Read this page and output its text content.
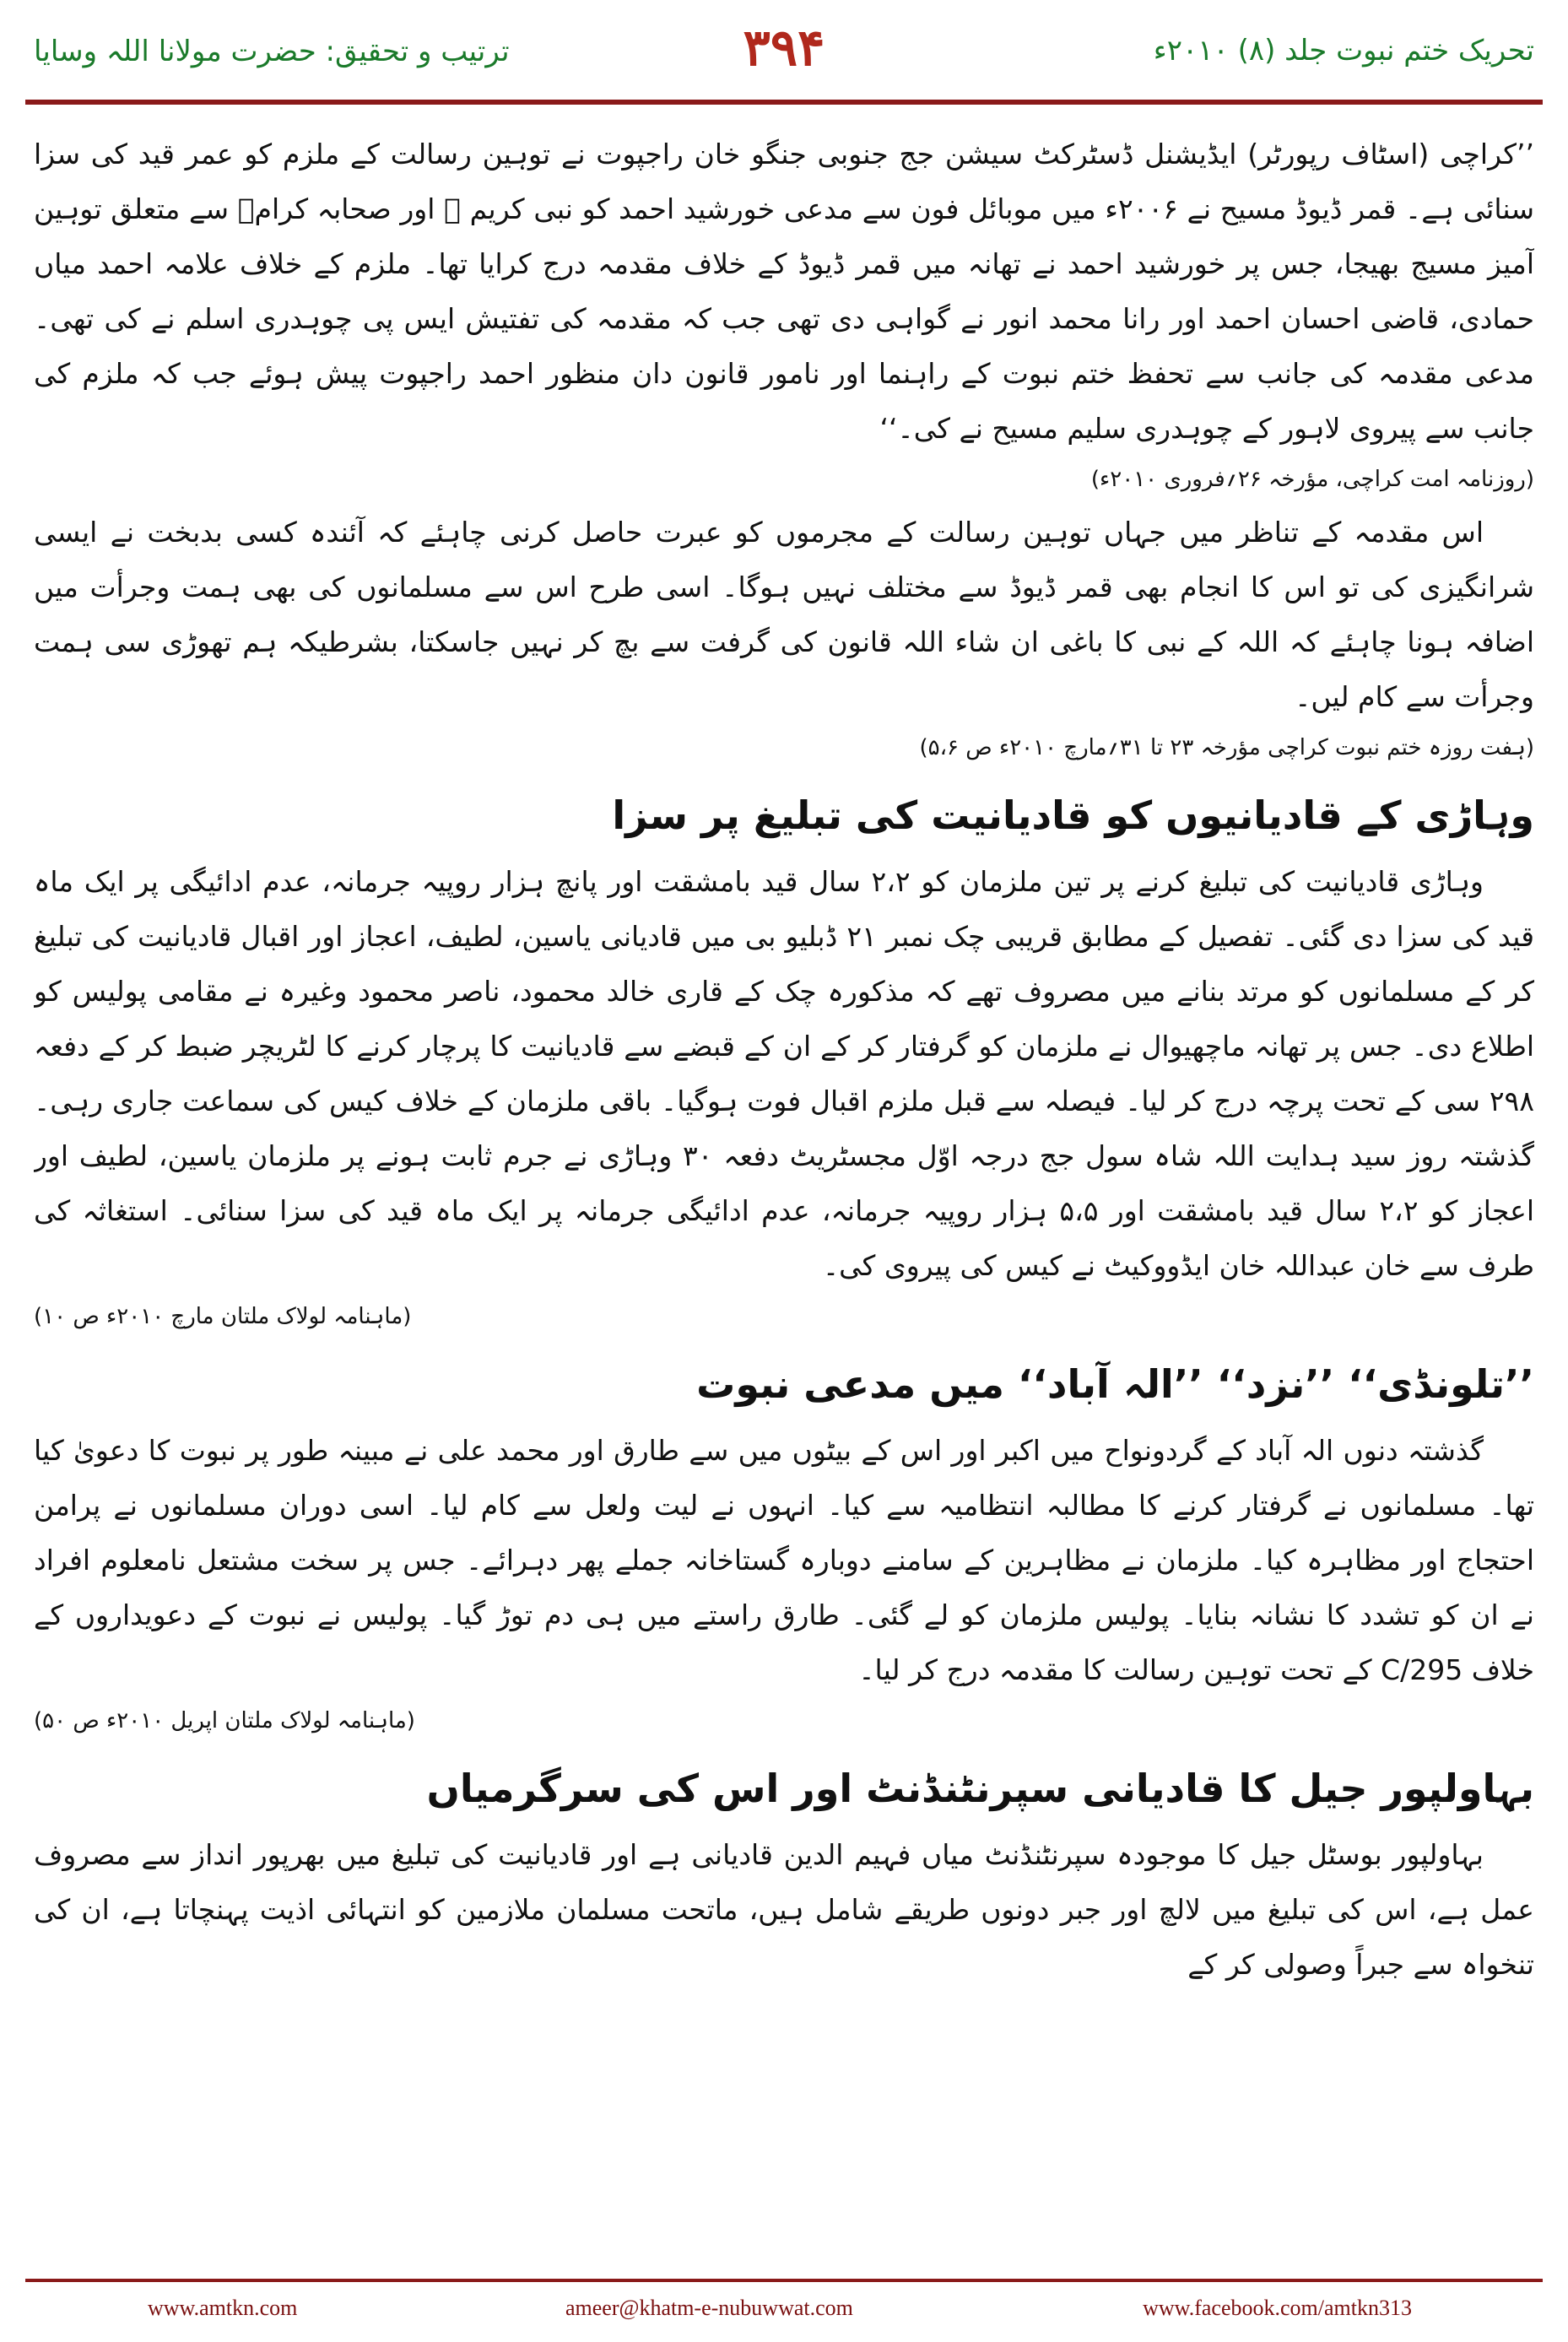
ترتیب و تحقیق: حضرت مولانا اللہ وسایا	۳۹۴	تحریک ختم نبوت جلد (۸) ۲۰۱۰ء

’’کراچی (اسٹاف رپورٹر) ایڈیشنل ڈسٹرکٹ سیشن جج جنوبی جنگو خان راجپوت نے توہین رسالت کے ملزم کو عمر قید کی سزا سنائی ہے۔ قمر ڈیوڈ مسیح نے ۲۰۰۶ء میں موبائل فون سے مدعی خورشید احمد کو نبی کریم ﷺ اور صحابہ کرامؓ سے متعلق توہین آمیز مسیج بھیجا، جس پر خورشید احمد نے تھانہ میں قمر ڈیوڈ کے خلاف مقدمہ درج کرایا تھا۔ ملزم کے خلاف علامہ احمد میاں حمادی، قاضی احسان احمد اور رانا محمد انور نے گواہی دی تھی جب کہ مقدمہ کی تفتیش ایس پی چوہدری اسلم نے کی تھی۔ مدعی مقدمہ کی جانب سے تحفظ ختم نبوت کے راہنما اور نامور قانون دان منظور احمد راجپوت پیش ہوئے جب کہ ملزم کی جانب سے پیروی لاہور کے چوہدری سلیم مسیح نے کی۔‘‘

(روزنامہ امت کراچی، مؤرخہ ۲۶؍فروری ۲۰۱۰ء)

اس مقدمہ کے تناظر میں جہاں توہین رسالت کے مجرموں کو عبرت حاصل کرنی چاہئے کہ آئندہ کسی بدبخت نے ایسی شرانگیزی کی تو اس کا انجام بھی قمر ڈیوڈ سے مختلف نہیں ہوگا۔ اسی طرح اس سے مسلمانوں کی بھی ہمت وجرأت میں اضافہ ہونا چاہئے کہ اللہ کے نبی کا باغی ان شاء اللہ قانون کی گرفت سے بچ کر نہیں جاسکتا، بشرطیکہ ہم تھوڑی سی ہمت وجرأت سے کام لیں۔

(ہفت روزہ ختم نبوت کراچی مؤرخہ ۲۳ تا ۳۱؍مارچ ۲۰۱۰ء ص ۵،۶)
وہاڑی کے قادیانیوں کو قادیانیت کی تبلیغ پر سزا

وہاڑی قادیانیت کی تبلیغ کرنے پر تین ملزمان کو ۲،۲ سال قید بامشقت اور پانچ ہزار روپیہ جرمانہ، عدم ادائیگی پر ایک ماہ قید کی سزا دی گئی۔ تفصیل کے مطابق قریبی چک نمبر ۲۱ ڈبلیو بی میں قادیانی یاسین، لطیف، اعجاز اور اقبال قادیانیت کی تبلیغ کر کے مسلمانوں کو مرتد بنانے میں مصروف تھے کہ مذکورہ چک کے قاری خالد محمود، ناصر محمود وغیرہ نے مقامی پولیس کو اطلاع دی۔ جس پر تھانہ ماچھیوال نے ملزمان کو گرفتار کر کے ان کے قبضے سے قادیانیت کا پرچار کرنے کا لٹریچر ضبط کر کے دفعہ ۲۹۸ سی کے تحت پرچہ درج کر لیا۔ فیصلہ سے قبل ملزم اقبال فوت ہوگیا۔ باقی ملزمان کے خلاف کیس کی سماعت جاری رہی۔ گذشتہ روز سید ہدایت اللہ شاہ سول جج درجہ اوّل مجسٹریٹ دفعہ ۳۰ وہاڑی نے جرم ثابت ہونے پر ملزمان یاسین، لطیف اور اعجاز کو ۲،۲ سال قید بامشقت اور ۵،۵ ہزار روپیہ جرمانہ، عدم ادائیگی جرمانہ پر ایک ماہ قید کی سزا سنائی۔ استغاثہ کی طرف سے خان عبداللہ خان ایڈووکیٹ نے کیس کی پیروی کی۔

(ماہنامہ لولاک ملتان مارچ ۲۰۱۰ء ص ۱۰)
’’تلونڈی‘‘ ’’نزد‘‘ ’’الہ آباد‘‘ میں مدعی نبوت

گذشتہ دنوں الہ آباد کے گردونواح میں اکبر اور اس کے بیٹوں میں سے طارق اور محمد علی نے مبینہ طور پر نبوت کا دعویٰ کیا تھا۔ مسلمانوں نے گرفتار کرنے کا مطالبہ انتظامیہ سے کیا۔ انہوں نے لیت ولعل سے کام لیا۔ اسی دوران مسلمانوں نے پرامن احتجاج اور مظاہرہ کیا۔ ملزمان نے مظاہرین کے سامنے دوبارہ گستاخانہ جملے پھر دہرائے۔ جس پر سخت مشتعل نامعلوم افراد نے ان کو تشدد کا نشانہ بنایا۔ پولیس ملزمان کو لے گئی۔ طارق راستے میں ہی دم توڑ گیا۔ پولیس نے نبوت کے دعویداروں کے خلاف 295/C کے تحت توہین رسالت کا مقدمہ درج کر لیا۔

(ماہنامہ لولاک ملتان اپریل ۲۰۱۰ء ص ۵۰)
بہاولپور جیل کا قادیانی سپرنٹنڈنٹ اور اس کی سرگرمیاں

بہاولپور بوسٹل جیل کا موجودہ سپرنٹنڈنٹ میاں فہیم الدین قادیانی ہے اور قادیانیت کی تبلیغ میں بھرپور انداز سے مصروف عمل ہے، اس کی تبلیغ میں لالچ اور جبر دونوں طریقے شامل ہیں، ماتحت مسلمان ملازمین کو انتہائی اذیت پہنچاتا ہے، ان کی تنخواہ سے جبراً وصولی کر کے

www.amtkn.com	ameer@khatm-e-nubuwwat.com	www.facebook.com/amtkn313
